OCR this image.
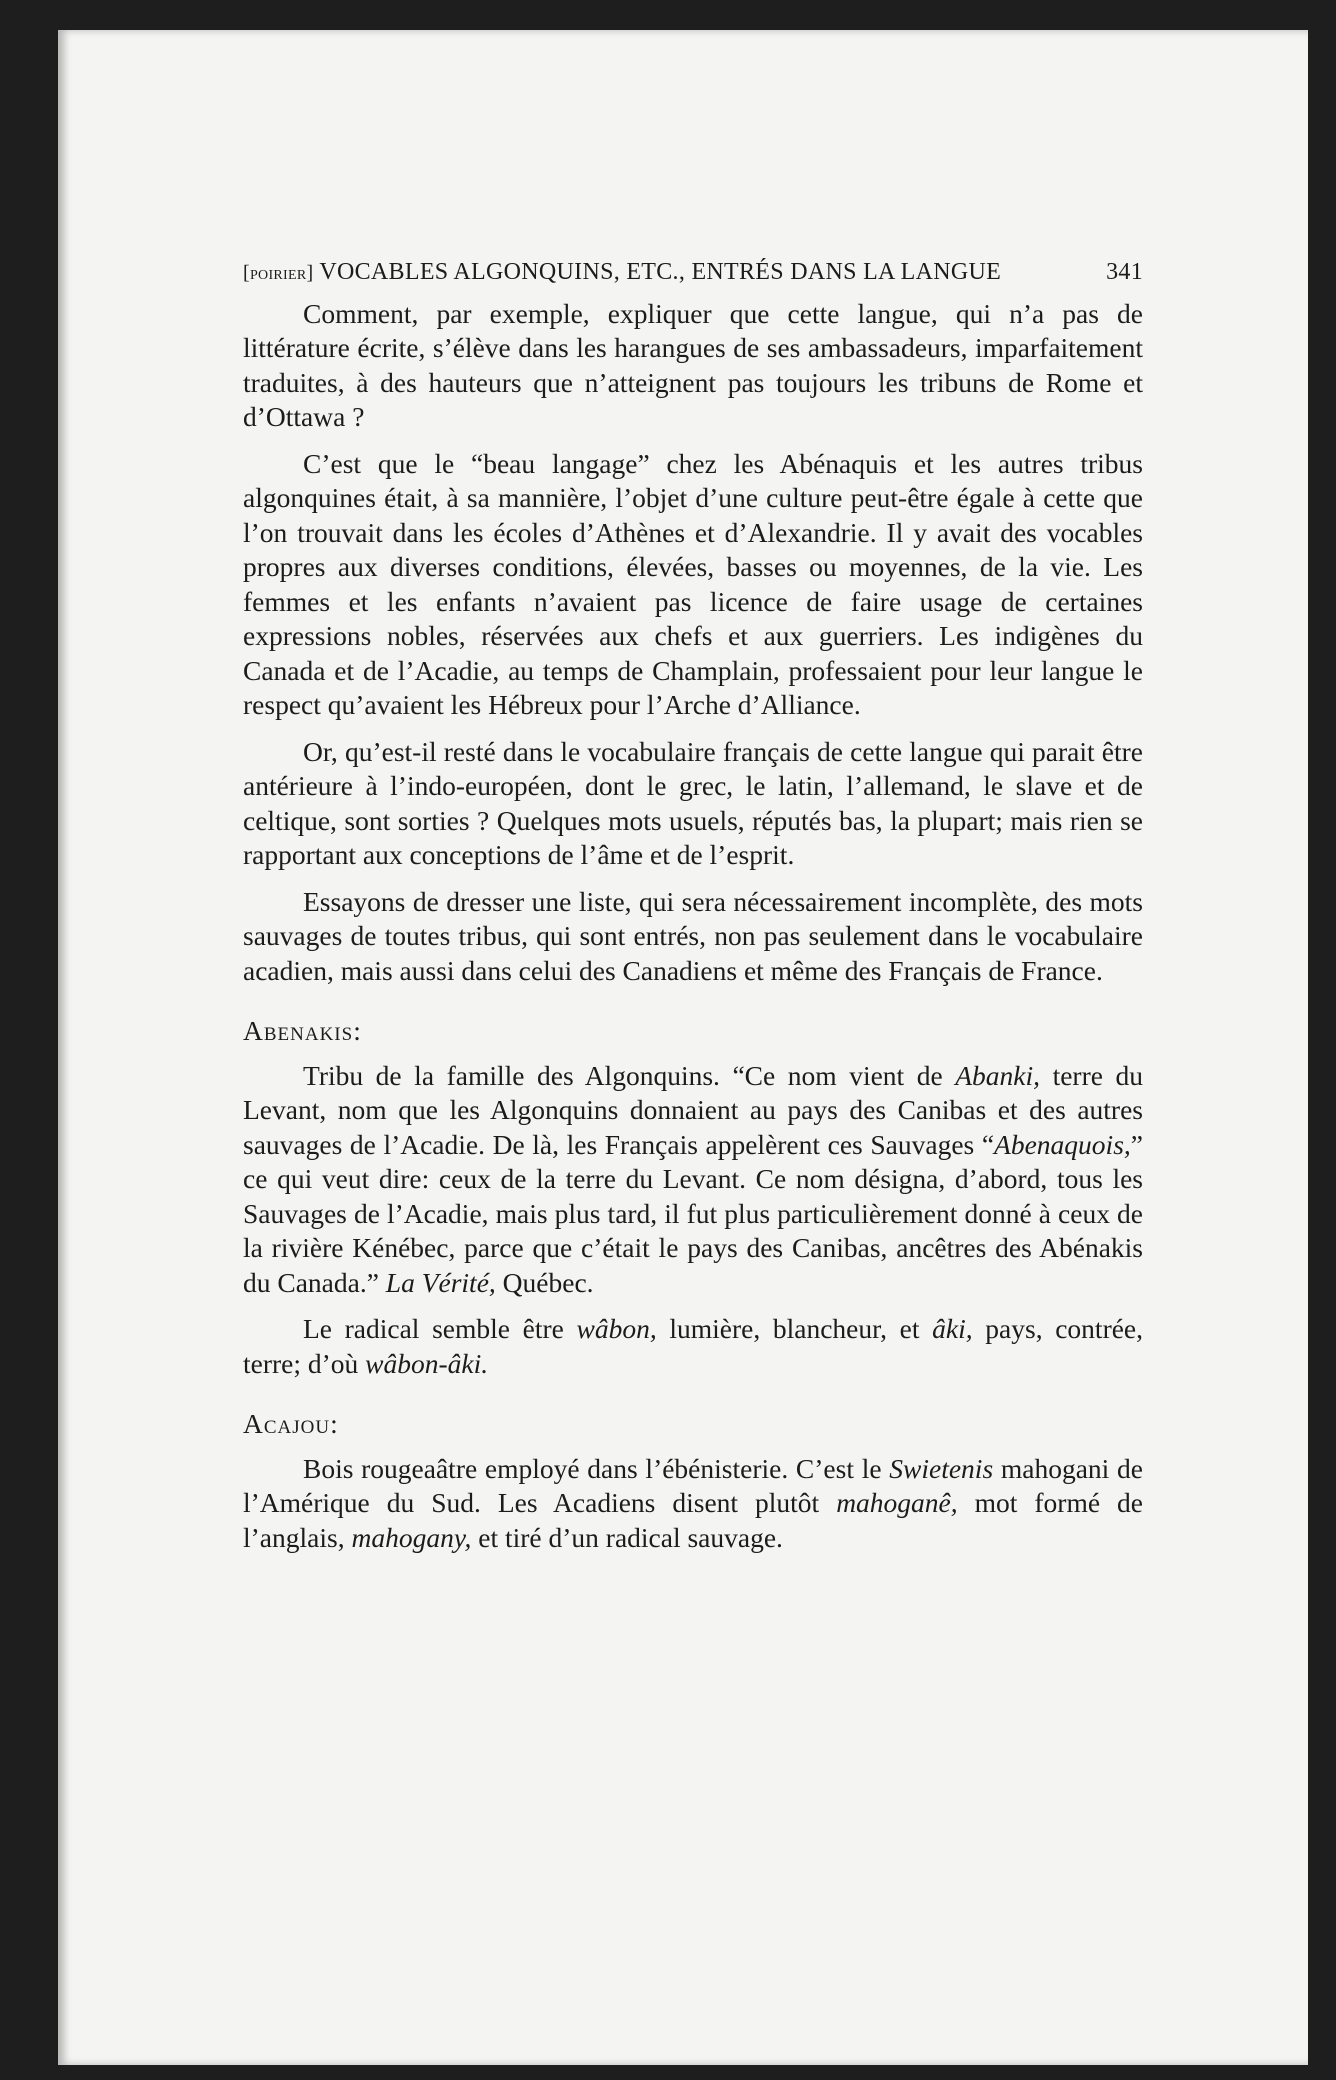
[poirier] VOCABLES ALGONQUINS, ETC., ENTRÉS DANS LA LANGUE	341

Comment, par exemple, expliquer que cette langue, qui n’a pas de littérature écrite, s’élève dans les harangues de ses ambassadeurs, imparfaitement traduites, à des hauteurs que n’atteignent pas toujours les tribuns de Rome et d’Ottawa ?

C’est que le “beau langage” chez les Abénaquis et les autres tribus algonquines était, à sa mannière, l’objet d’une culture peut-être égale à cette que l’on trouvait dans les écoles d’Athènes et d’Alexandrie. Il y avait des vocables propres aux diverses conditions, élevées, basses ou moyennes, de la vie. Les femmes et les enfants n’avaient pas licence de faire usage de certaines expressions nobles, réservées aux chefs et aux guerriers. Les indigènes du Canada et de l’Acadie, au temps de Champlain, professaient pour leur langue le respect qu’avaient les Hébreux pour l’Arche d’Alliance.

Or, qu’est-il resté dans le vocabulaire français de cette langue qui parait être antérieure à l’indo-européen, dont le grec, le latin, l’allemand, le slave et de celtique, sont sorties ? Quelques mots usuels, réputés bas, la plupart; mais rien se rapportant aux conceptions de l’âme et de l’esprit.

Essayons de dresser une liste, qui sera nécessairement incomplète, des mots sauvages de toutes tribus, qui sont entrés, non pas seulement dans le vocabulaire acadien, mais aussi dans celui des Canadiens et même des Français de France.

Abenakis:

Tribu de la famille des Algonquins. “Ce nom vient de Abanki, terre du Levant, nom que les Algonquins donnaient au pays des Canibas et des autres sauvages de l’Acadie. De là, les Français appelèrent ces Sauvages “Abenaquois,” ce qui veut dire: ceux de la terre du Levant. Ce nom désigna, d’abord, tous les Sauvages de l’Acadie, mais plus tard, il fut plus particulièrement donné à ceux de la rivière Kénébec, parce que c’était le pays des Canibas, ancêtres des Abénakis du Canada.” La Vérité, Québec.

Le radical semble être wâbon, lumière, blancheur, et âki, pays, contrée, terre; d’où wâbon-âki.

Acajou:

Bois rougeaâtre employé dans l’ébénisterie. C’est le Swietenis mahogani de l’Amérique du Sud. Les Acadiens disent plutôt mahoganê, mot formé de l’anglais, mahogany, et tiré d’un radical sauvage.
